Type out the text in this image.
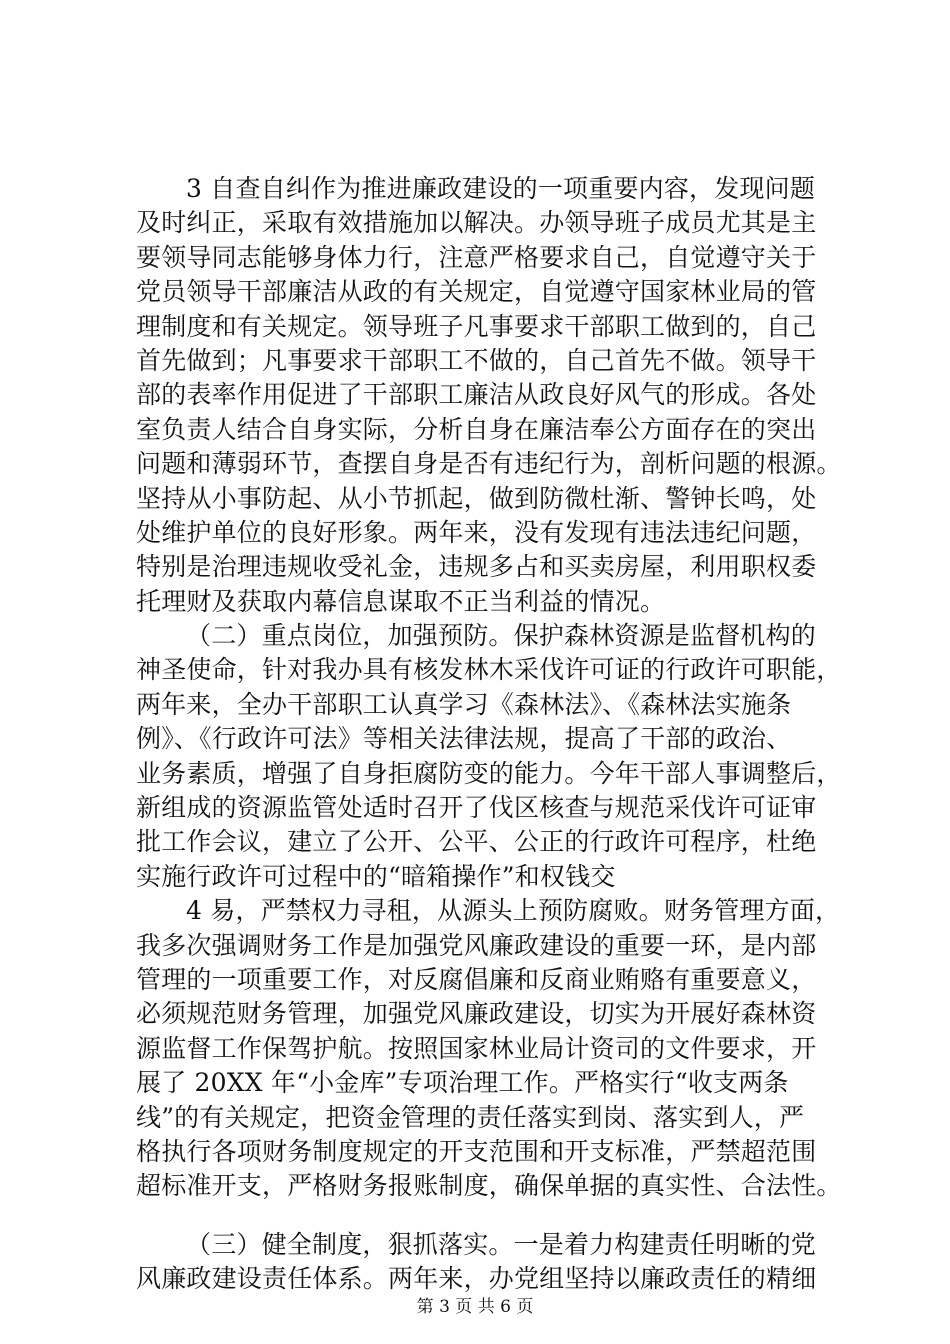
3 自查自纠作为推进廉政建设的一项重要内容，发现问题
及时纠正，采取有效措施加以解决。办领导班子成员尤其是主
要领导同志能够身体力行，注意严格要求自己，自觉遵守关于
党员领导干部廉洁从政的有关规定，自觉遵守国家林业局的管
理制度和有关规定。领导班子凡事要求干部职工做到的，自己
首先做到；凡事要求干部职工不做的，自己首先不做。领导干
部的表率作用促进了干部职工廉洁从政良好风气的形成。各处
室负责人结合自身实际，分析自身在廉洁奉公方面存在的突出
问题和薄弱环节，查摆自身是否有违纪行为，剖析问题的根源。
坚持从小事防起、从小节抓起，做到防微杜渐、警钟长鸣，处
处维护单位的良好形象。两年来，没有发现有违法违纪问题，
特别是治理违规收受礼金，违规多占和买卖房屋，利用职权委
托理财及获取内幕信息谋取不正当利益的情况。
（二）重点岗位，加强预防。保护森林资源是监督机构的
神圣使命，针对我办具有核发林木采伐许可证的行政许可职能，
两年来，全办干部职工认真学习《森林法》、《森林法实施条
例》、《行政许可法》等相关法律法规，提高了干部的政治、
业务素质，增强了自身拒腐防变的能力。今年干部人事调整后，
新组成的资源监管处适时召开了伐区核查与规范采伐许可证审
批工作会议，建立了公开、公平、公正的行政许可程序，杜绝
实施行政许可过程中的“暗箱操作”和权钱交
4 易，严禁权力寻租，从源头上预防腐败。财务管理方面，
我多次强调财务工作是加强党风廉政建设的重要一环，是内部
管理的一项重要工作，对反腐倡廉和反商业贿赂有重要意义，
必须规范财务管理，加强党风廉政建设，切实为开展好森林资
源监督工作保驾护航。按照国家林业局计资司的文件要求，开
展了 20XX 年“小金库”专项治理工作。严格实行“收支两条
线”的有关规定，把资金管理的责任落实到岗、落实到人，严
格执行各项财务制度规定的开支范围和开支标准，严禁超范围
超标准开支，严格财务报账制度，确保单据的真实性、合法性。
（三）健全制度，狠抓落实。一是着力构建责任明晰的党
风廉政建设责任体系。两年来，办党组坚持以廉政责任的精细
第 3 页 共 6 页
